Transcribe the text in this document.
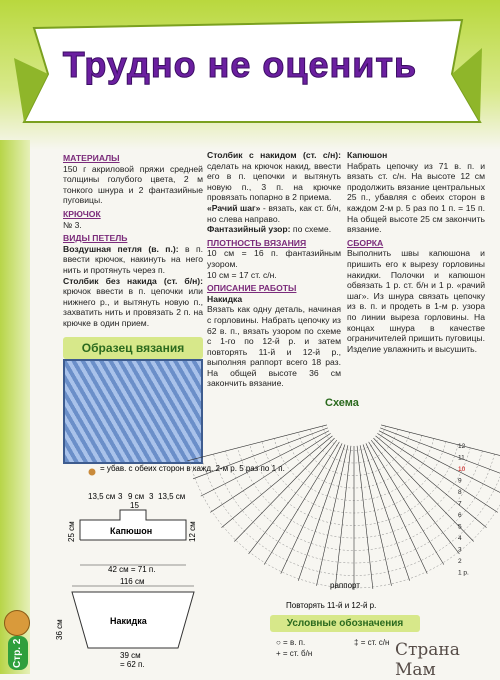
Трудно не оценить
Стр. 2
МАТЕРИАЛЫ

150 г акриловой пряжи средней толщины голубого цвета, 2 м тонкого шнура и 2 фантазийные пуговицы.

КРЮЧОК

№ 3.

ВИДЫ ПЕТЕЛЬ

Воздушная петля (в. п.): в п. ввести крючок, накинуть на него нить и протянуть через п.

Столбик без накида (ст. б/н): крючок ввести в п. цепочки или нижнего р., и вытянуть новую п., захватить нить и провязать 2 п. на крючке в один прием.

Столбик с накидом (ст. с/н): сделать на крючок накид, ввести его в п. цепочки и вытянуть новую п., 3 п. на крючке провязать попарно в 2 приема.

«Рачий шаг» - вязать, как ст. б/н, но слева направо.

Фантазийный узор: по схеме.

ПЛОТНОСТЬ ВЯЗАНИЯ

10 см = 16 п. фантазийным узором.

10 см = 17 ст. с/н.

ОПИСАНИЕ РАБОТЫ

Накидка

Вязать как одну деталь, начиная с горловины. Набрать цепочку из 62 в. п., вязать узором по схеме с 1-го по 12-й р. и затем повторять 11-й и 12-й р., выполняя раппорт всего 18 раз. На общей высоте 36 см закончить вязание.

Капюшон

Набрать цепочку из 71 в. п. и вязать ст. с/н. На высоте 12 см продолжить вязание центральных 25 п., убавляя с обеих сторон в каждом 2-м р. 5 раз по 1 п. = 15 п. На общей высоте 25 см закончить вязание.

СБОРКА

Выполнить швы капюшона и пришить его к вырезу горловины накидки. Полочки и капюшон обвязать 1 р. ст. б/н и 1 р. «рачий шаг». Из шнура связать цепочку из в. п. и продеть в 1-м р. узора по линии выреза горловины. На концах шнура в качестве ограничителей пришить пуговицы. Изделие увлажнить и высушить.

Образец вязания
= убав. с обеих сторон в кажд. 2-м р. 5 раз по 1 п.
Капюшон
13,5 см 3 9 см 3 13,5 см
15
25 см	12 см
42 см = 71 п.
116 см
Накидка
36 см
39 см
= 62 п.
Схема
раппорт
Повторять 11-й и 12-й р.
12
11
10
9
8
7
6
5
4
3
2
1 р.
Условные обозначения
○ = в. п.	‡ = ст. с/н
+ = ст. б/н	Страна Мам
